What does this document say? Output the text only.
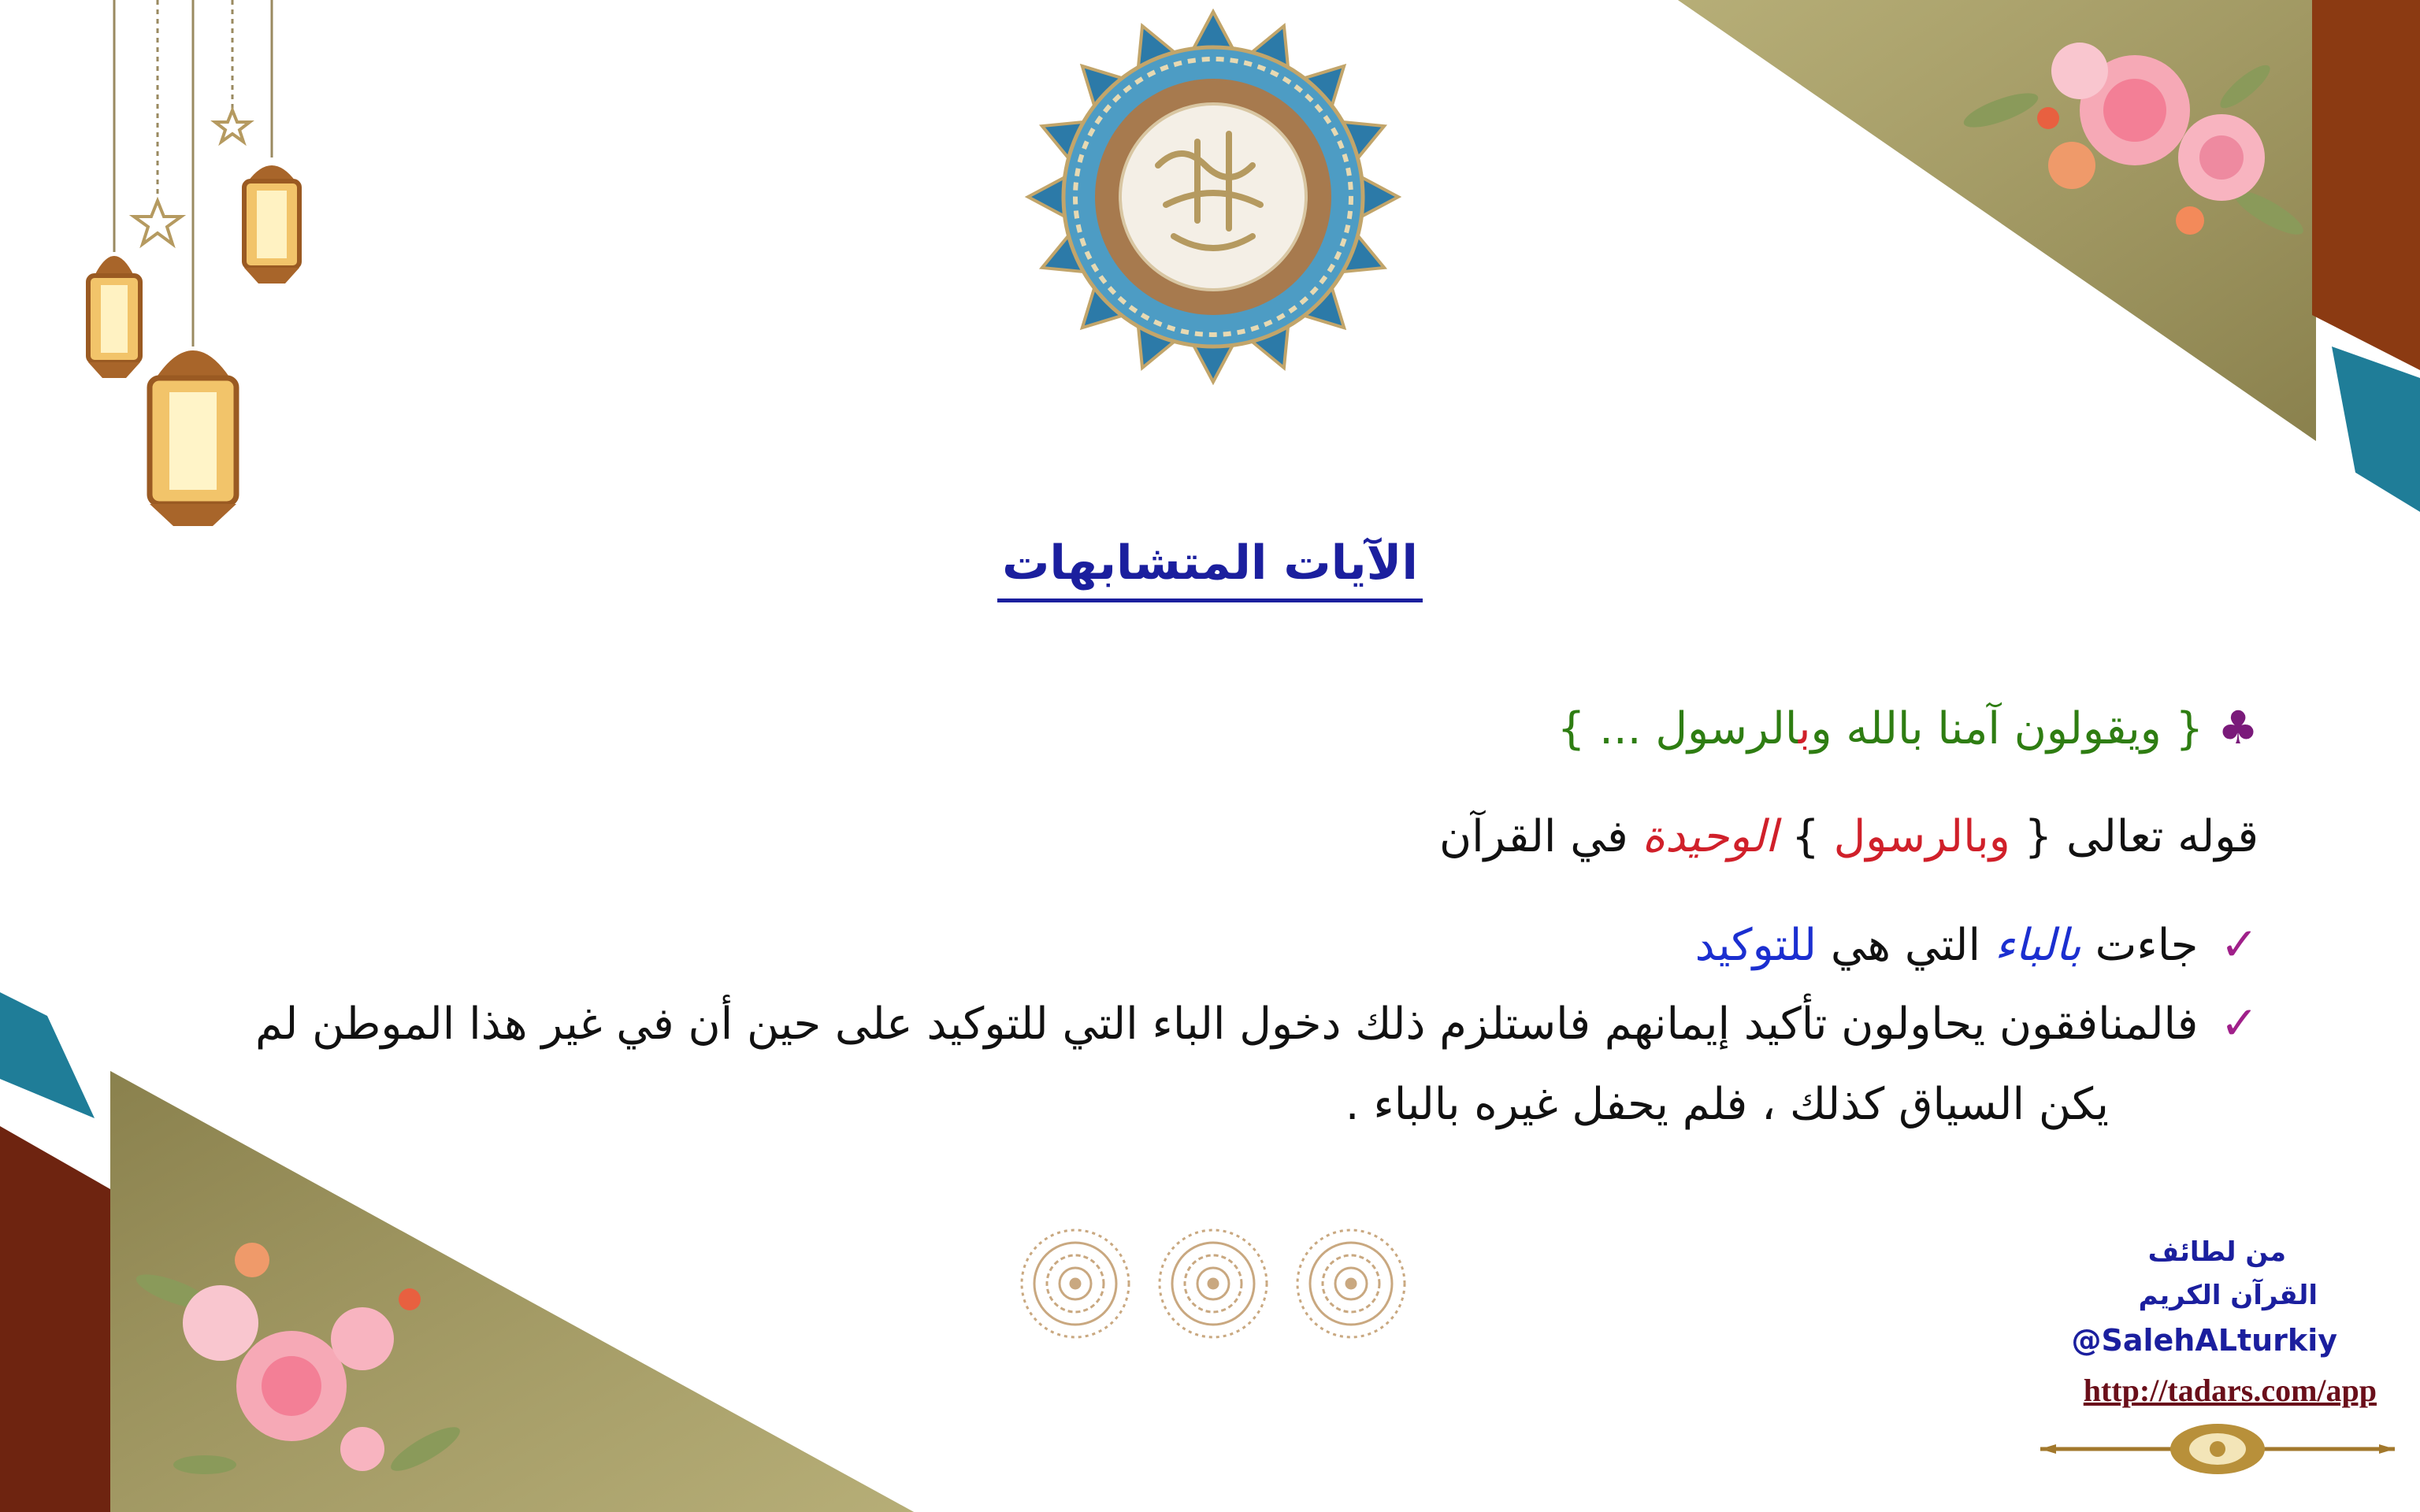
الآيات المتشابهات
♣ { ويقولون آمنا بالله وبالرسول ... }
قوله تعالى { وبالرسول } الوحيدة في القرآن
✓جاءت بالباء التي هي للتوكيد
✓فالمنافقون يحاولون تأكيد إيمانهم فاستلزم ذلك دخول الباء التي للتوكيد على حين أن في غير هذا الموطن لم
يكن السياق كذلك ، فلم يحفل غيره بالباء .
من لطائف
القرآن الكريم
@SalehALturkiy
http://tadars.com/app
